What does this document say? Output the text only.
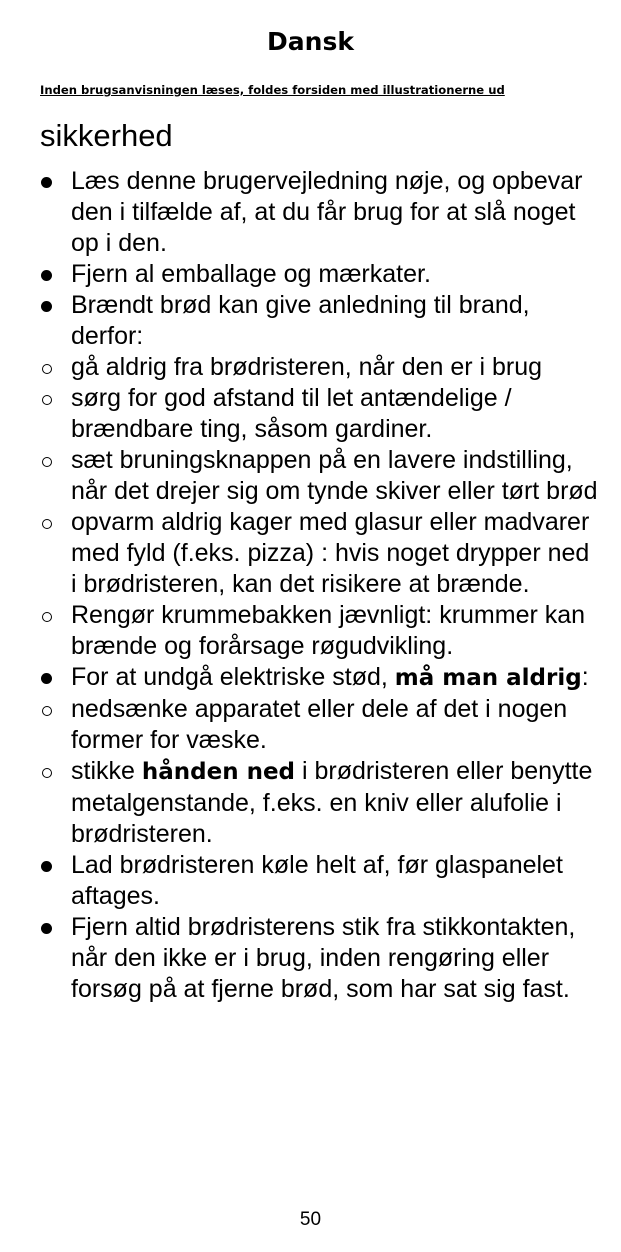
Dansk

Inden brugsanvisningen læses, foldes forsiden med illustrationerne ud

sikkerhed
Læs denne brugervejledning nøje, og opbevar den i tilfælde af, at du får brug for at slå noget op i den.
Fjern al emballage og mærkater.
Brændt brød kan give anledning til brand, derfor:
gå aldrig fra brødristeren, når den er i brug
sørg for god afstand til let antændelige / brændbare ting, såsom gardiner.
sæt bruningsknappen på en lavere indstilling, når det drejer sig om tynde skiver eller tørt brød
opvarm aldrig kager med glasur eller madvarer med fyld (f.eks. pizza) : hvis noget drypper ned i brødristeren, kan det risikere at brænde.
Rengør krummebakken jævnligt: krummer kan brænde og forårsage røgudvikling.
For at undgå elektriske stød, må man aldrig:
nedsænke apparatet eller dele af det i nogen former for væske.
stikke hånden ned i brødristeren eller benytte metalgenstande, f.eks. en kniv eller alufolie i brødristeren.
Lad brødristeren køle helt af, før glaspanelet aftages.
Fjern altid brødristerens stik fra stikkontakten, når den ikke er i brug, inden rengøring eller forsøg på at fjerne brød, som har sat sig fast.

50
